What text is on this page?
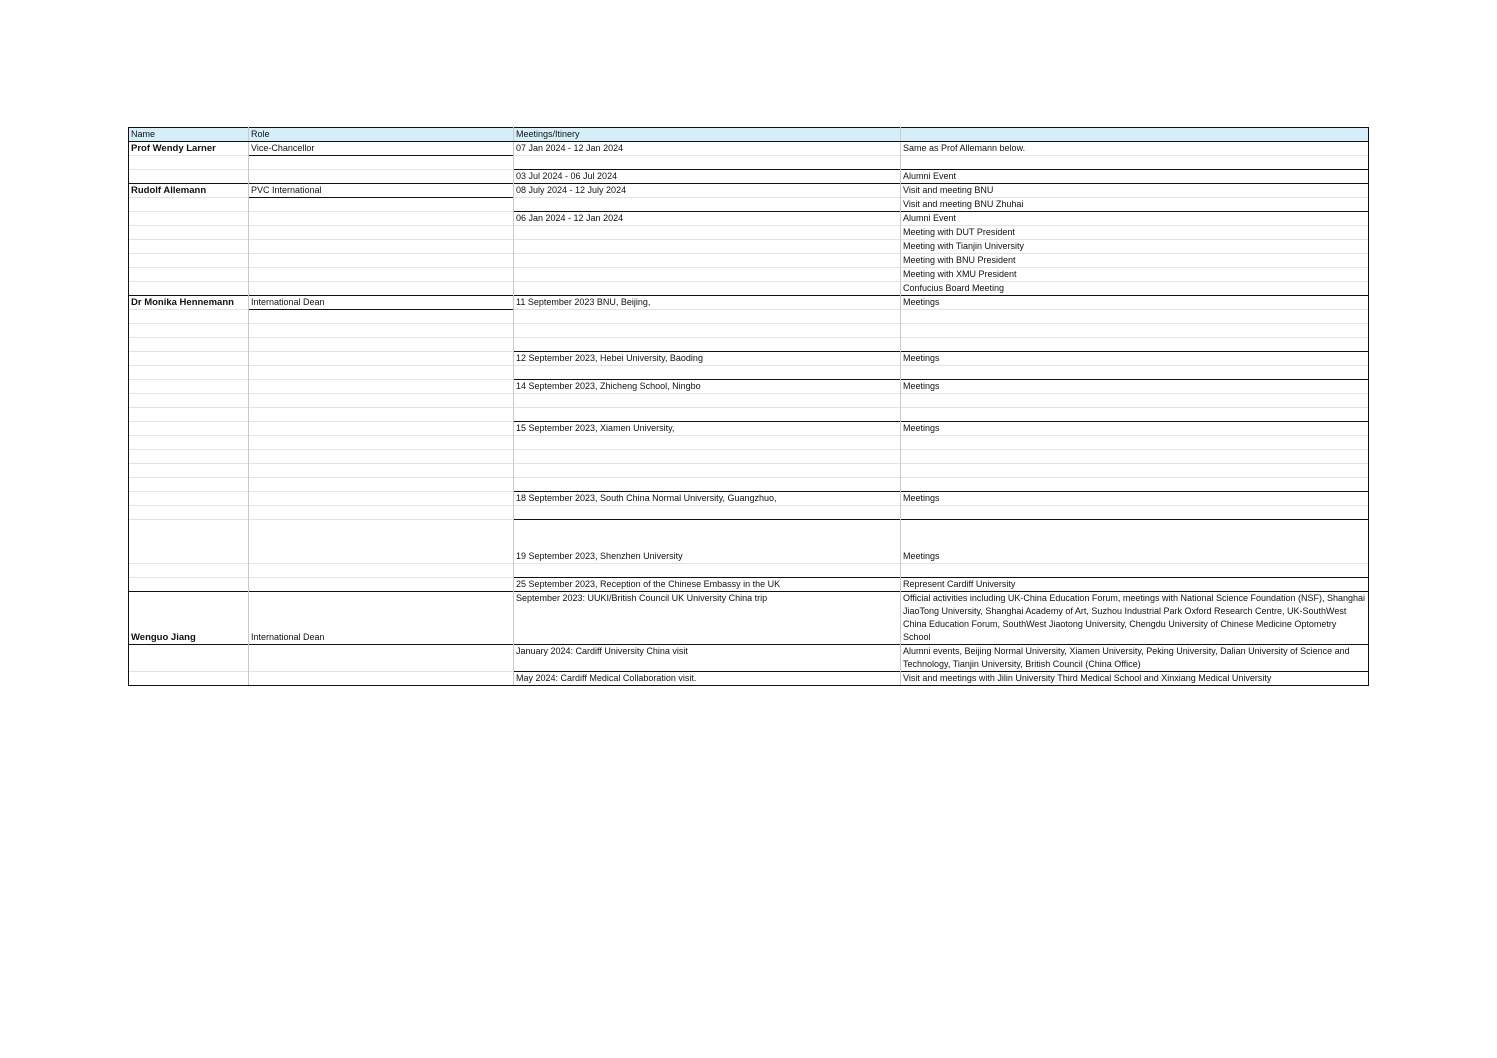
Name	Role	Meetings/Itinery	
Prof Wendy Larner	Vice-Chancellor	07 Jan 2024 - 12 Jan 2024	Same as Prof Allemann below.

		03 Jul 2024 - 06 Jul 2024	Alumni Event
Rudolf Allemann	PVC International	08 July 2024 - 12 July 2024	Visit and meeting BNU
			Visit and meeting BNU Zhuhai
		06 Jan 2024 - 12 Jan 2024	Alumni Event
			Meeting with DUT President
			Meeting with Tianjin University
			Meeting with BNU President
			Meeting with XMU President
			Confucius Board Meeting
Dr Monika Hennemann	International Dean	11 September 2023 BNU, Beijing,	Meetings

		12 September 2023, Hebei University, Baoding	Meetings

		14 September 2023, Zhicheng School, Ningbo	Meetings

		15 September 2023, Xiamen University,	Meetings

		18 September 2023, South China Normal University, Guangzhuo,	Meetings

		19 September 2023, Shenzhen University	Meetings

		25 September 2023, Reception of the Chinese Embassy in the UK	Represent Cardiff University
Wenguo Jiang	International Dean	September 2023: UUKI/British Council UK University China trip	Official activities including UK-China Education Forum, meetings with National Science Foundation (NSF), Shanghai JiaoTong University, Shanghai Academy of Art, Suzhou Industrial Park Oxford Research Centre, UK-SouthWest China Education Forum, SouthWest Jiaotong University, Chengdu University of Chinese Medicine Optometry School
		January 2024: Cardiff University China visit	Alumni events, Beijing Normal University, Xiamen University, Peking University, Dalian University of Science and Technology, Tianjin University, British Council (China Office)
		May 2024: Cardiff Medical Collaboration visit.	Visit and meetings with Jilin University Third Medical School and Xinxiang Medical University
